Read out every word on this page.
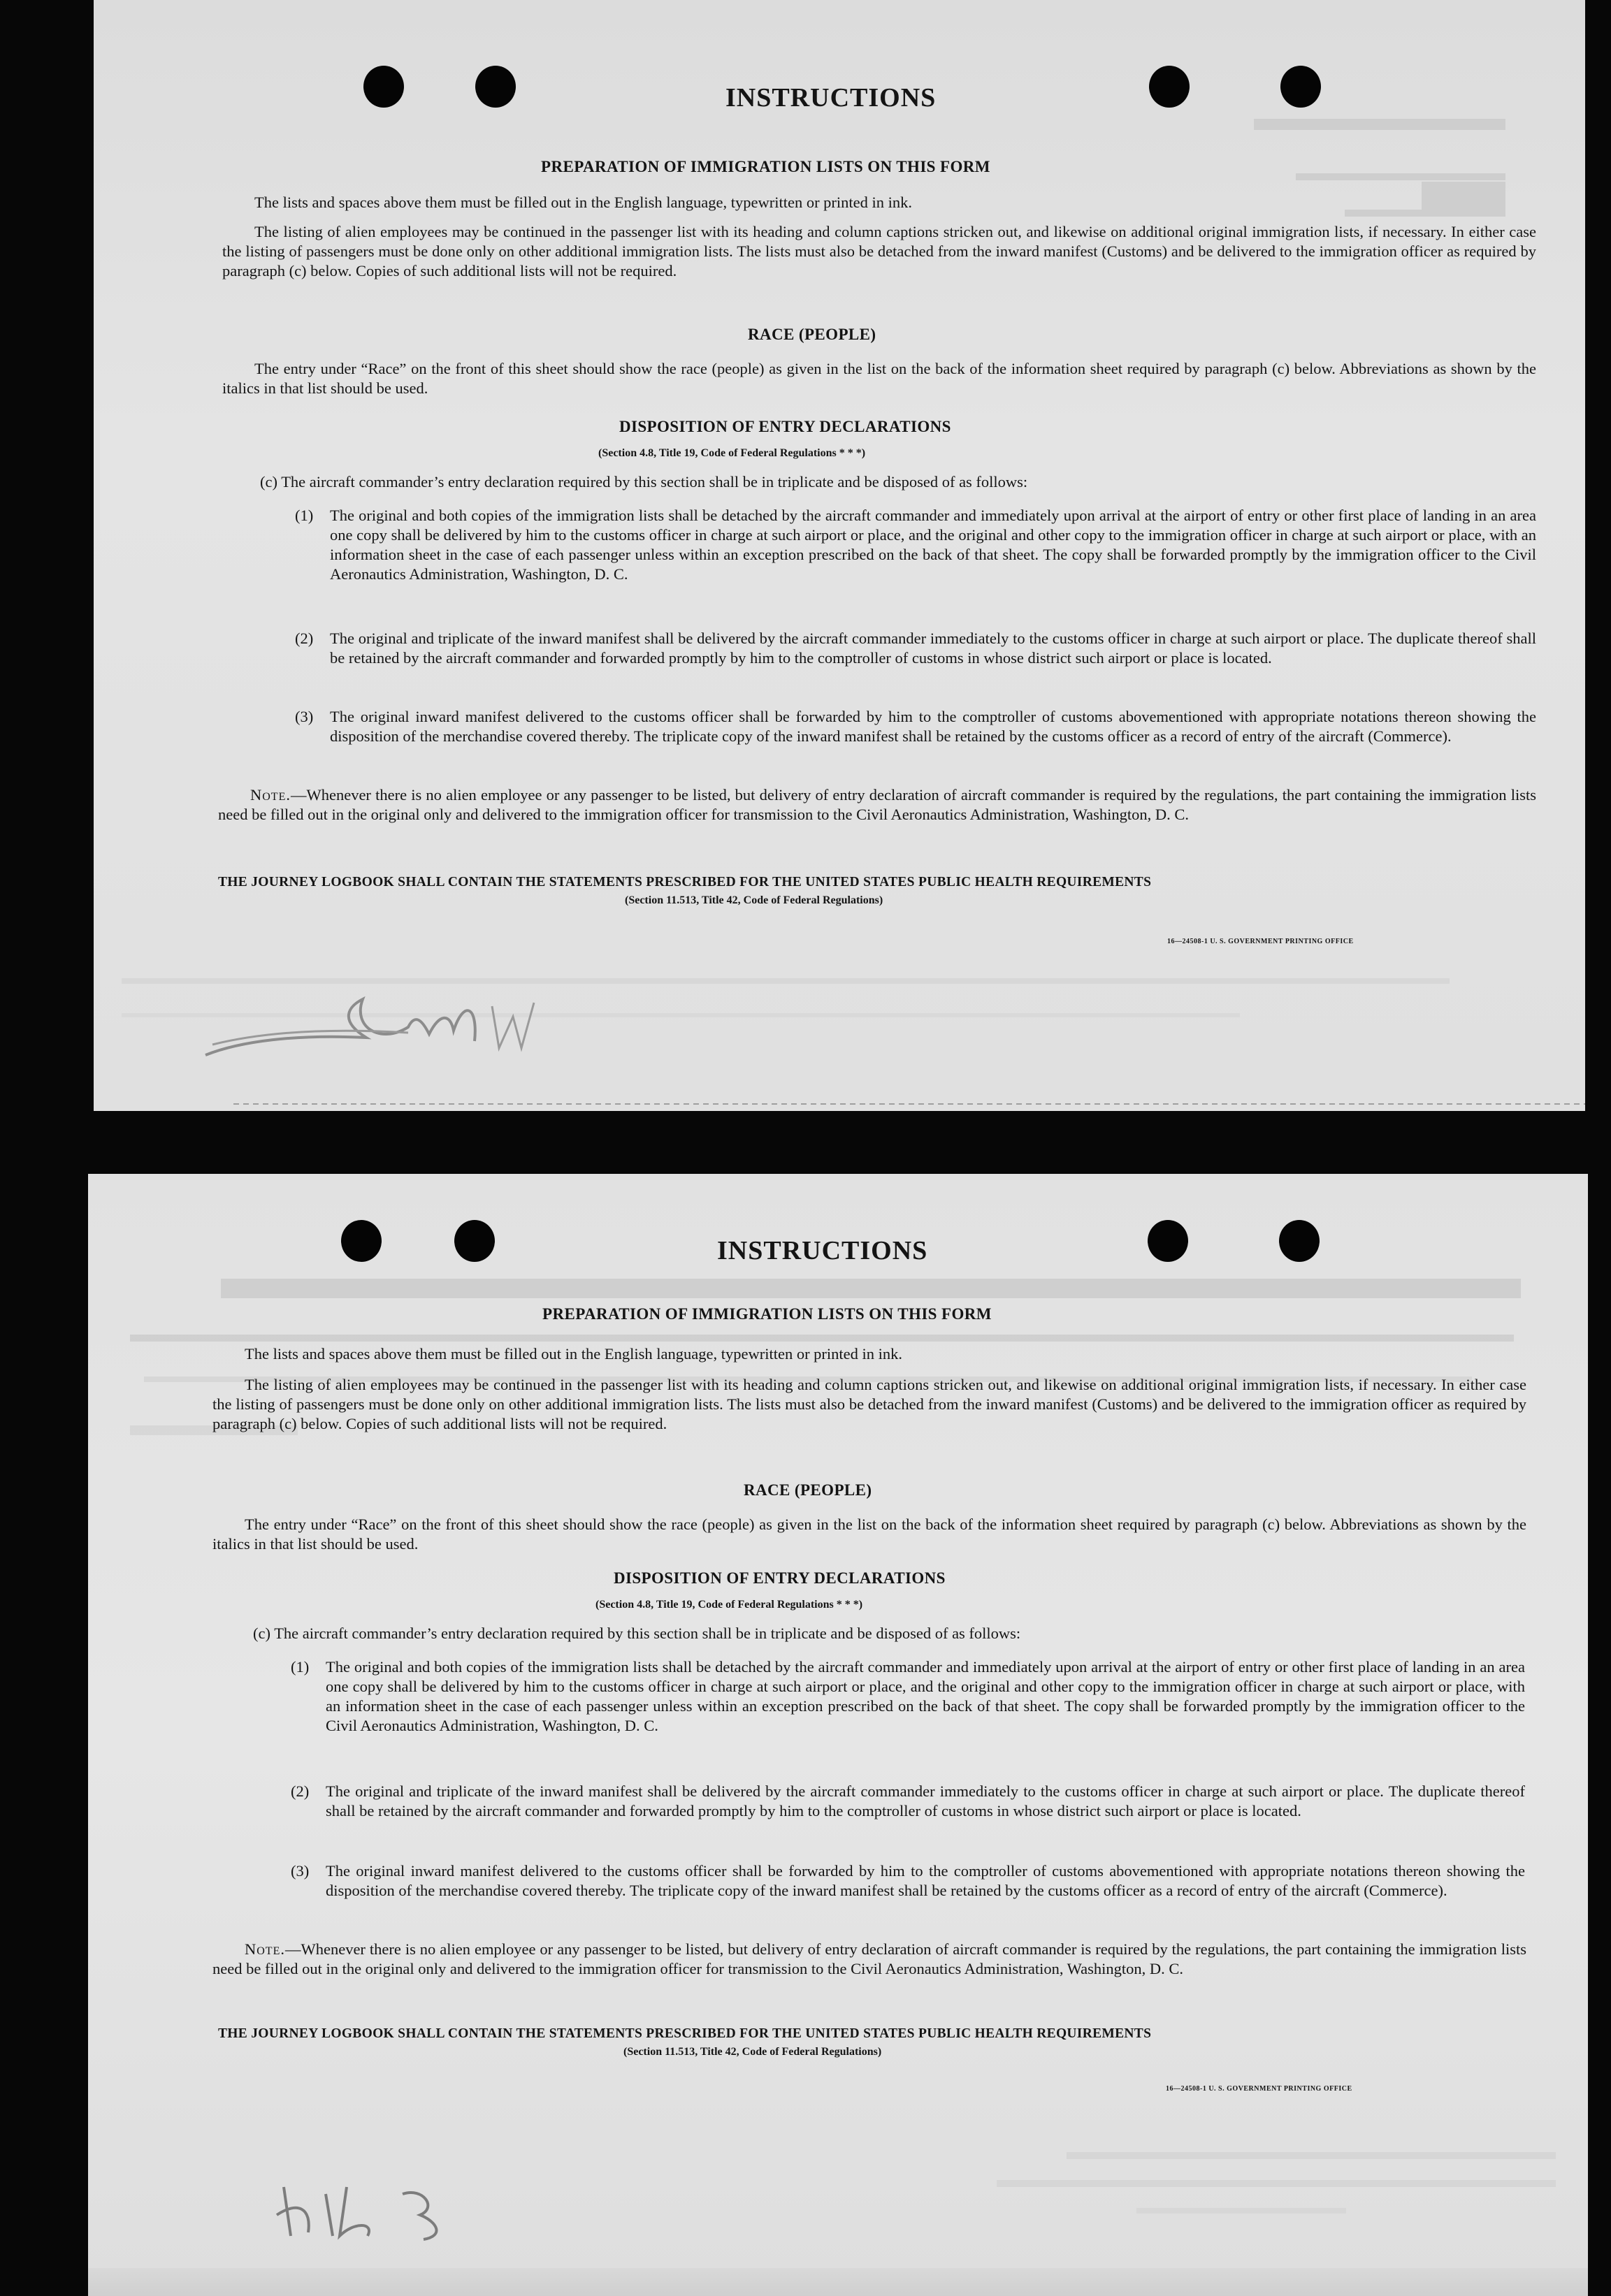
INSTRUCTIONS
PREPARATION OF IMMIGRATION LISTS ON THIS FORM
The lists and spaces above them must be filled out in the English language, typewritten or printed in ink.
The listing of alien employees may be continued in the passenger list with its heading and column captions stricken out, and likewise on additional original immigration lists, if necessary. In either case the listing of passengers must be done only on other additional immigration lists. The lists must also be detached from the inward manifest (Customs) and be delivered to the immigration officer as required by paragraph (c) below. Copies of such additional lists will not be required.
RACE (PEOPLE)
The entry under “Race” on the front of this sheet should show the race (people) as given in the list on the back of the information sheet required by paragraph (c) below. Abbreviations as shown by the italics in that list should be used.
DISPOSITION OF ENTRY DECLARATIONS
(Section 4.8, Title 19, Code of Federal Regulations * * *)
(c) The aircraft commander’s entry declaration required by this section shall be in triplicate and be disposed of as follows:
(1) The original and both copies of the immigration lists shall be detached by the aircraft commander and immediately upon arrival at the airport of entry or other first place of landing in an area one copy shall be delivered by him to the customs officer in charge at such airport or place, and the original and other copy to the immigration officer in charge at such airport or place, with an information sheet in the case of each passenger unless within an exception prescribed on the back of that sheet. The copy shall be forwarded promptly by the immigration officer to the Civil Aeronautics Administration, Washington, D. C.
(2) The original and triplicate of the inward manifest shall be delivered by the aircraft commander immediately to the customs officer in charge at such airport or place. The duplicate thereof shall be retained by the aircraft commander and forwarded promptly by him to the comptroller of customs in whose district such airport or place is located.
(3) The original inward manifest delivered to the customs officer shall be forwarded by him to the comptroller of customs abovementioned with appropriate notations thereon showing the disposition of the merchandise covered thereby. The triplicate copy of the inward manifest shall be retained by the customs officer as a record of entry of the aircraft (Commerce).
Note.—Whenever there is no alien employee or any passenger to be listed, but delivery of entry declaration of aircraft commander is required by the regulations, the part containing the immigration lists need be filled out in the original only and delivered to the immigration officer for transmission to the Civil Aeronautics Administration, Washington, D. C.
THE JOURNEY LOGBOOK SHALL CONTAIN THE STATEMENTS PRESCRIBED FOR THE UNITED STATES PUBLIC HEALTH REQUIREMENTS
(Section 11.513, Title 42, Code of Federal Regulations)
16—24508-1 U. S. GOVERNMENT PRINTING OFFICE
INSTRUCTIONS
PREPARATION OF IMMIGRATION LISTS ON THIS FORM
The lists and spaces above them must be filled out in the English language, typewritten or printed in ink.
The listing of alien employees may be continued in the passenger list with its heading and column captions stricken out, and likewise on additional original immigration lists, if necessary. In either case the listing of passengers must be done only on other additional immigration lists. The lists must also be detached from the inward manifest (Customs) and be delivered to the immigration officer as required by paragraph (c) below. Copies of such additional lists will not be required.
RACE (PEOPLE)
The entry under “Race” on the front of this sheet should show the race (people) as given in the list on the back of the information sheet required by paragraph (c) below. Abbreviations as shown by the italics in that list should be used.
DISPOSITION OF ENTRY DECLARATIONS
(Section 4.8, Title 19, Code of Federal Regulations * * *)
(c) The aircraft commander’s entry declaration required by this section shall be in triplicate and be disposed of as follows:
(1) The original and both copies of the immigration lists shall be detached by the aircraft commander and immediately upon arrival at the airport of entry or other first place of landing in an area one copy shall be delivered by him to the customs officer in charge at such airport or place, and the original and other copy to the immigration officer in charge at such airport or place, with an information sheet in the case of each passenger unless within an exception prescribed on the back of that sheet. The copy shall be forwarded promptly by the immigration officer to the Civil Aeronautics Administration, Washington, D. C.
(2) The original and triplicate of the inward manifest shall be delivered by the aircraft commander immediately to the customs officer in charge at such airport or place. The duplicate thereof shall be retained by the aircraft commander and forwarded promptly by him to the comptroller of customs in whose district such airport or place is located.
(3) The original inward manifest delivered to the customs officer shall be forwarded by him to the comptroller of customs abovementioned with appropriate notations thereon showing the disposition of the merchandise covered thereby. The triplicate copy of the inward manifest shall be retained by the customs officer as a record of entry of the aircraft (Commerce).
Note.—Whenever there is no alien employee or any passenger to be listed, but delivery of entry declaration of aircraft commander is required by the regulations, the part containing the immigration lists need be filled out in the original only and delivered to the immigration officer for transmission to the Civil Aeronautics Administration, Washington, D. C.
THE JOURNEY LOGBOOK SHALL CONTAIN THE STATEMENTS PRESCRIBED FOR THE UNITED STATES PUBLIC HEALTH REQUIREMENTS
(Section 11.513, Title 42, Code of Federal Regulations)
16—24508-1 U. S. GOVERNMENT PRINTING OFFICE
